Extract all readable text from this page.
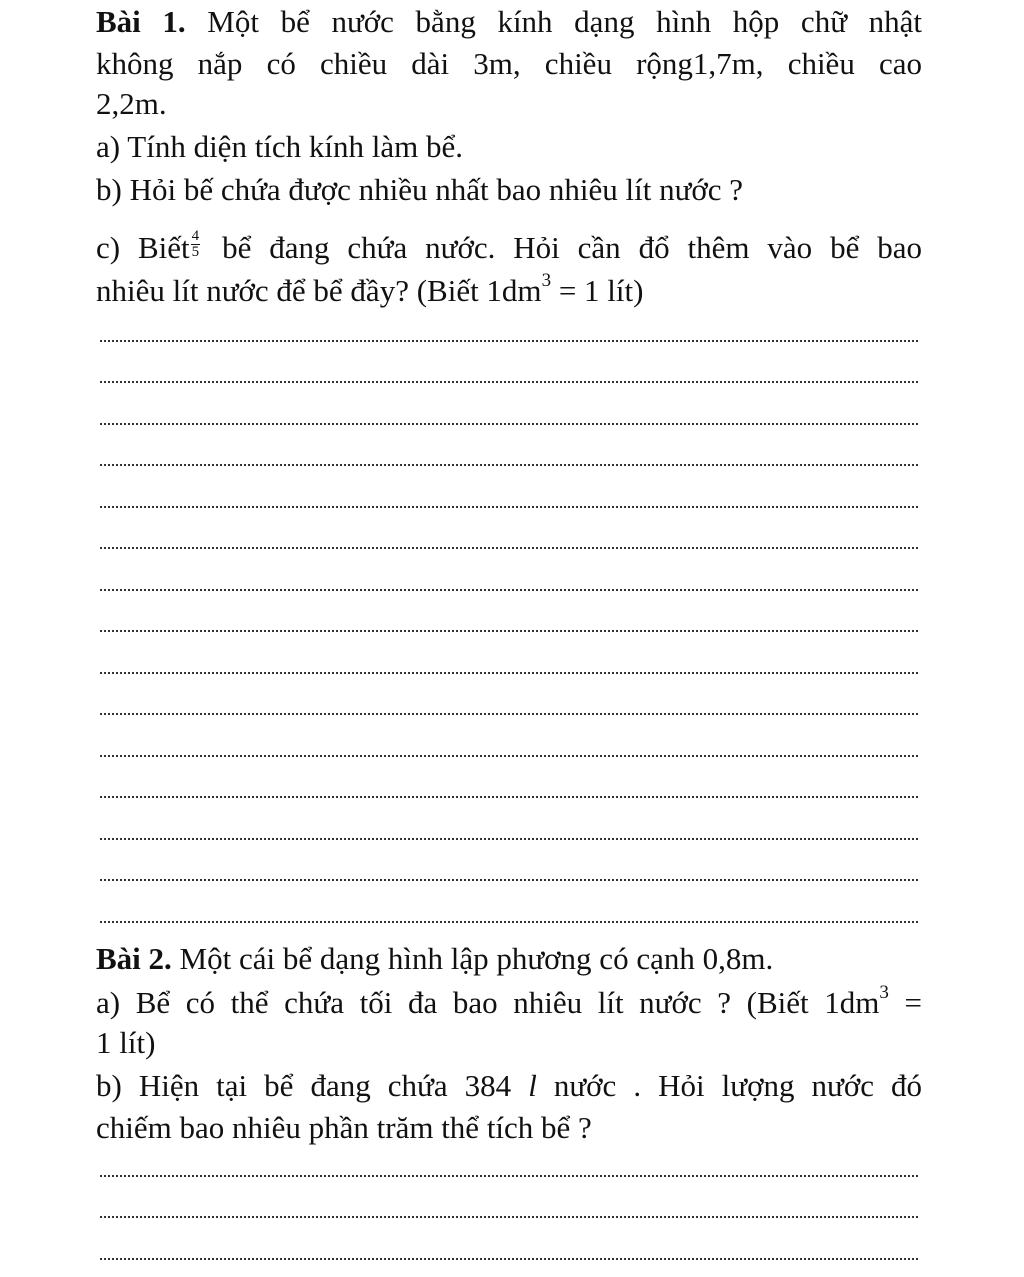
Bài 1. Một bể nước bằng kính dạng hình hộp chữ nhật
không nắp có chiều dài 3m, chiều rộng1,7m, chiều cao
2,2m.
a) Tính diện tích kính làm bể.
b) Hỏi bế chứa được nhiều nhất bao nhiêu lít nước ?
c) Biết $\frac{4}{5}$ bể đang chứa nước. Hỏi cần đổ thêm vào bể bao
nhiêu lít nước để bể đầy? (Biết $1dm^3 = 1$ lít)
Bài 2. Một cái bể dạng hình lập phương có cạnh 0,8m.
a) Bể có thể chứa tối đa bao nhiêu lít nước ? (Biết $1dm^3$ =
1 lít)
b) Hiện tại bể đang chứa 384 l nước . Hỏi lượng nước đó
chiếm bao nhiêu phần trăm thể tích bể ?
